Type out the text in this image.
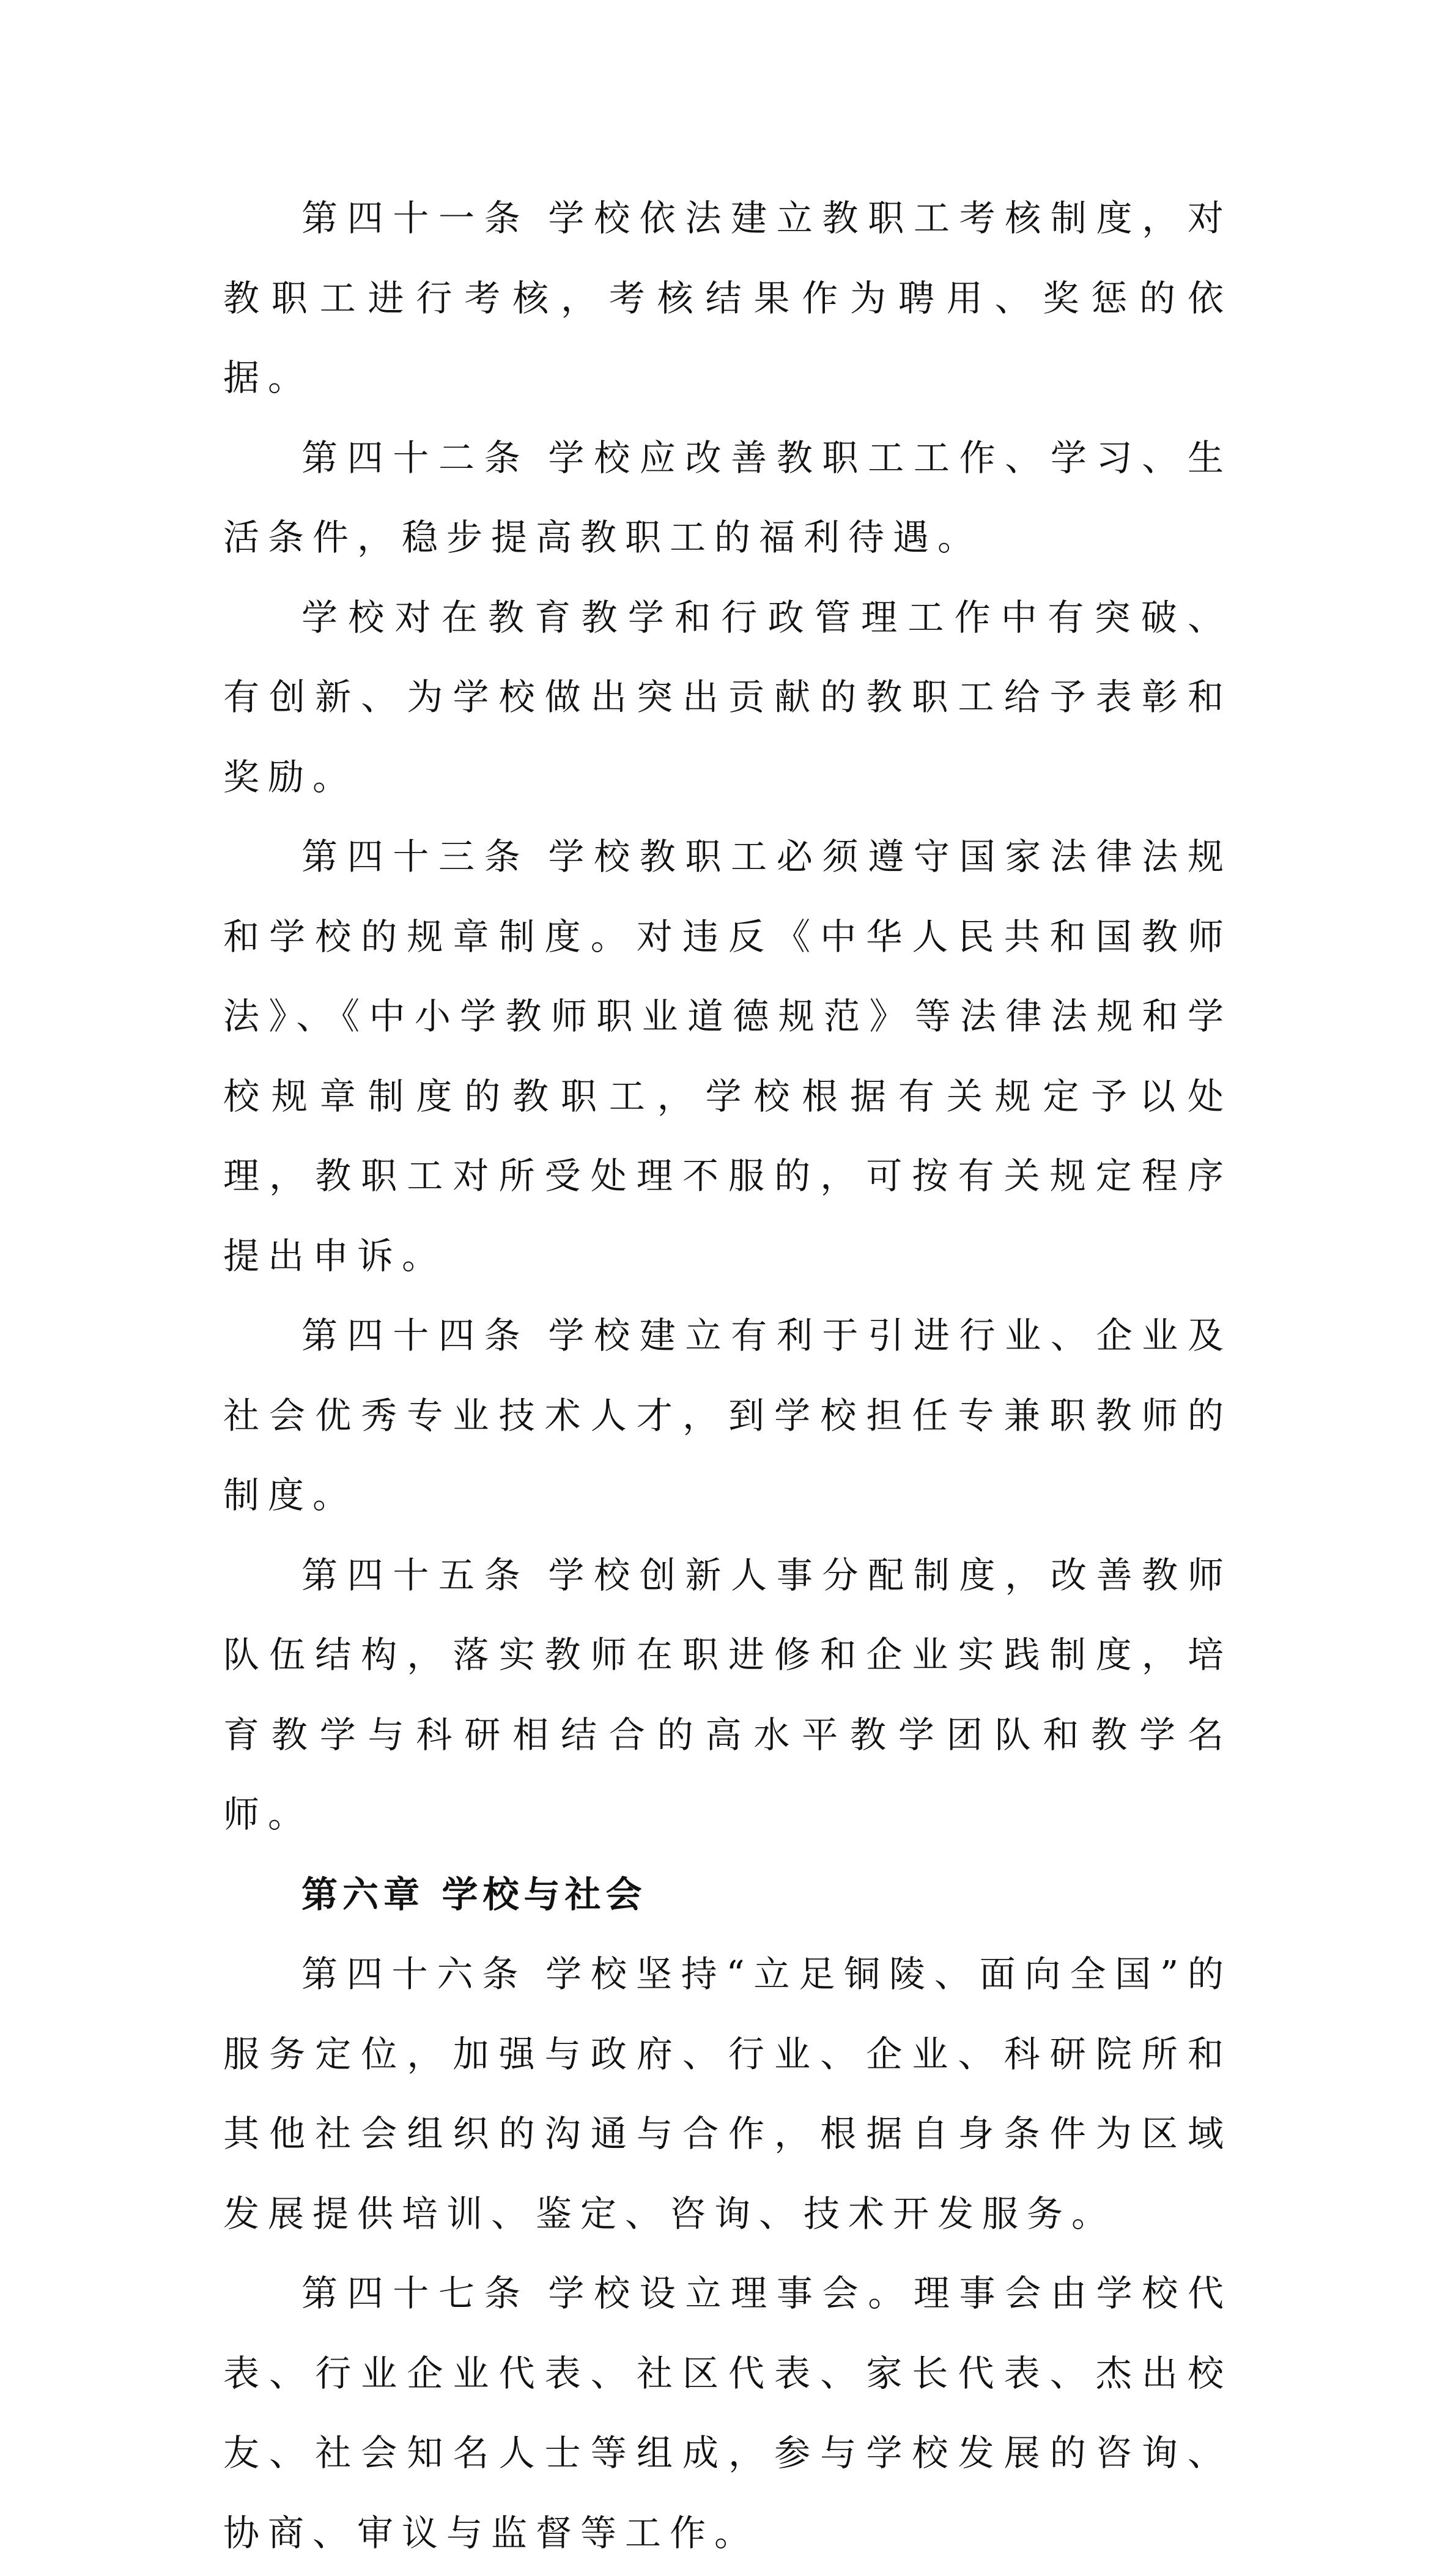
第四十一条 学校依法建立教职工考核制度，对教职工进行考核，考核结果作为聘用、奖惩的依据。

第四十二条 学校应改善教职工工作、学习、生活条件，稳步提高教职工的福利待遇。

学校对在教育教学和行政管理工作中有突破、有创新、为学校做出突出贡献的教职工给予表彰和奖励。

第四十三条 学校教职工必须遵守国家法律法规和学校的规章制度。对违反《中华人民共和国教师法》、《中小学教师职业道德规范》等法律法规和学校规章制度的教职工，学校根据有关规定予以处理，教职工对所受处理不服的，可按有关规定程序提出申诉。

第四十四条 学校建立有利于引进行业、企业及社会优秀专业技术人才，到学校担任专兼职教师的制度。

第四十五条 学校创新人事分配制度，改善教师队伍结构，落实教师在职进修和企业实践制度，培育教学与科研相结合的高水平教学团队和教学名师。

第六章 学校与社会

第四十六条 学校坚持“立足铜陵、面向全国”的服务定位，加强与政府、行业、企业、科研院所和其他社会组织的沟通与合作，根据自身条件为区域发展提供培训、鉴定、咨询、技术开发服务。

第四十七条 学校设立理事会。理事会由学校代表、行业企业代表、社区代表、家长代表、杰出校友、社会知名人士等组成，参与学校发展的咨询、协商、审议与监督等工作。
